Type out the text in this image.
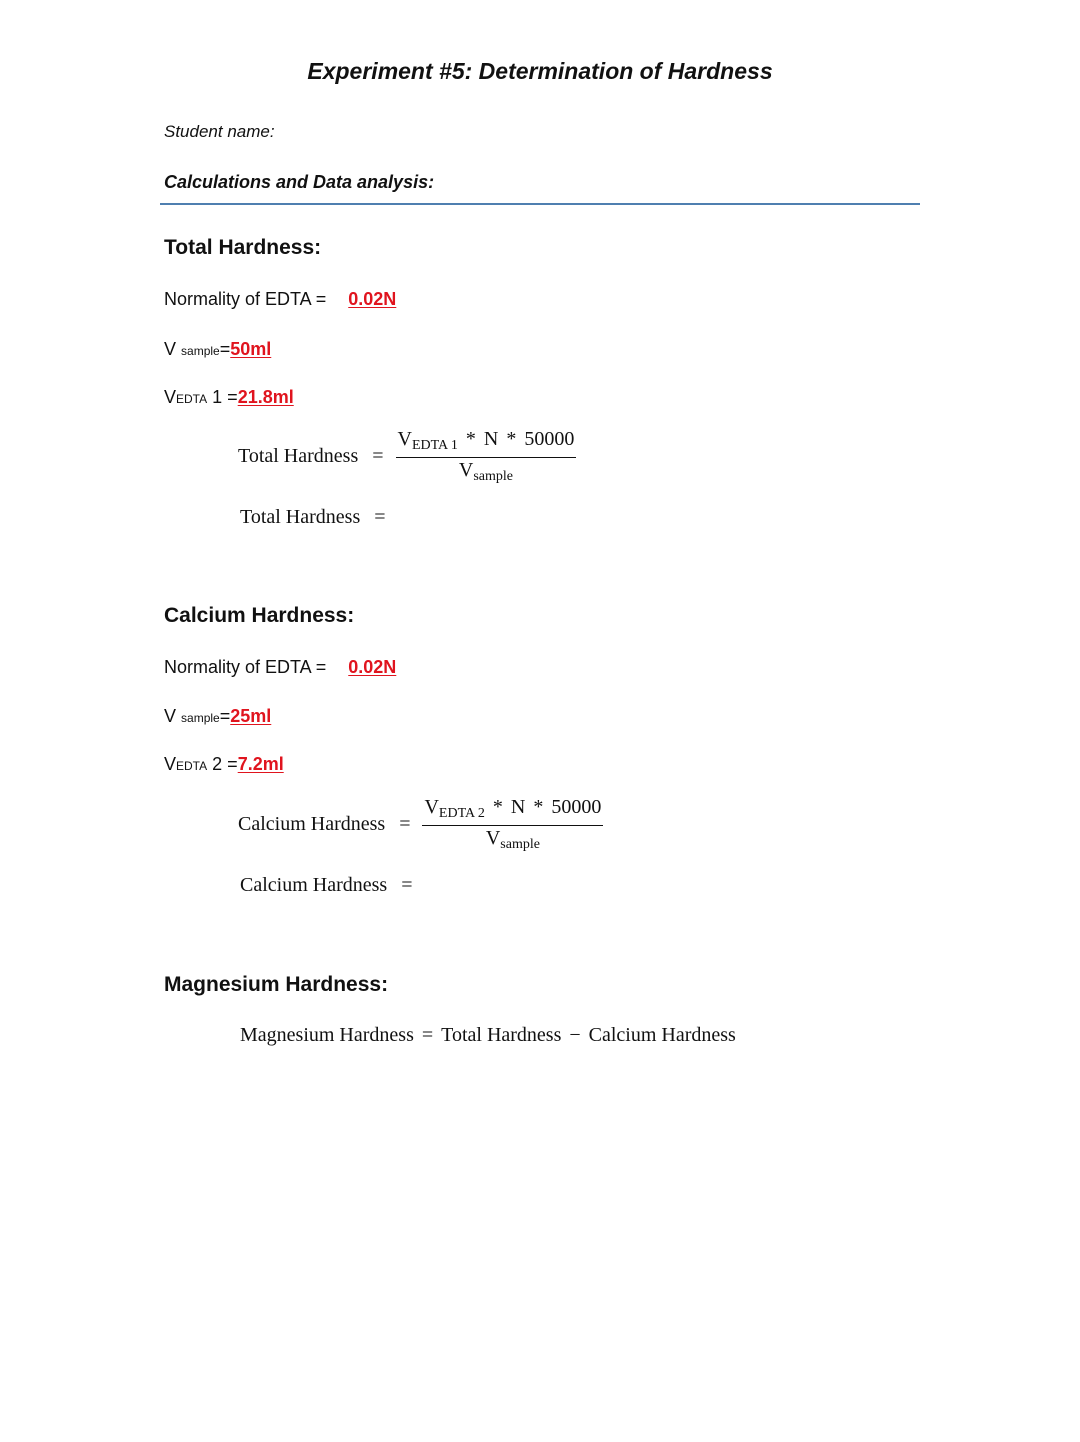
Experiment #5: Determination of Hardness
Student name:
Calculations and Data analysis:
Total Hardness:
Normality of EDTA = 0.02N
V sample=50ml
VEDTA 1 =21.8ml
Total Hardness = $\frac{V_{EDTA 1} * N * 50000}{V_{sample}}$
Total Hardness =
Calcium Hardness:
Normality of EDTA = 0.02N
V sample=25ml
VEDTA 2 =7.2ml
Calcium Hardness = $\frac{V_{EDTA 2} * N * 50000}{V_{sample}}$
Calcium Hardness =
Magnesium Hardness:
Magnesium Hardness = Total Hardness − Calcium Hardness
